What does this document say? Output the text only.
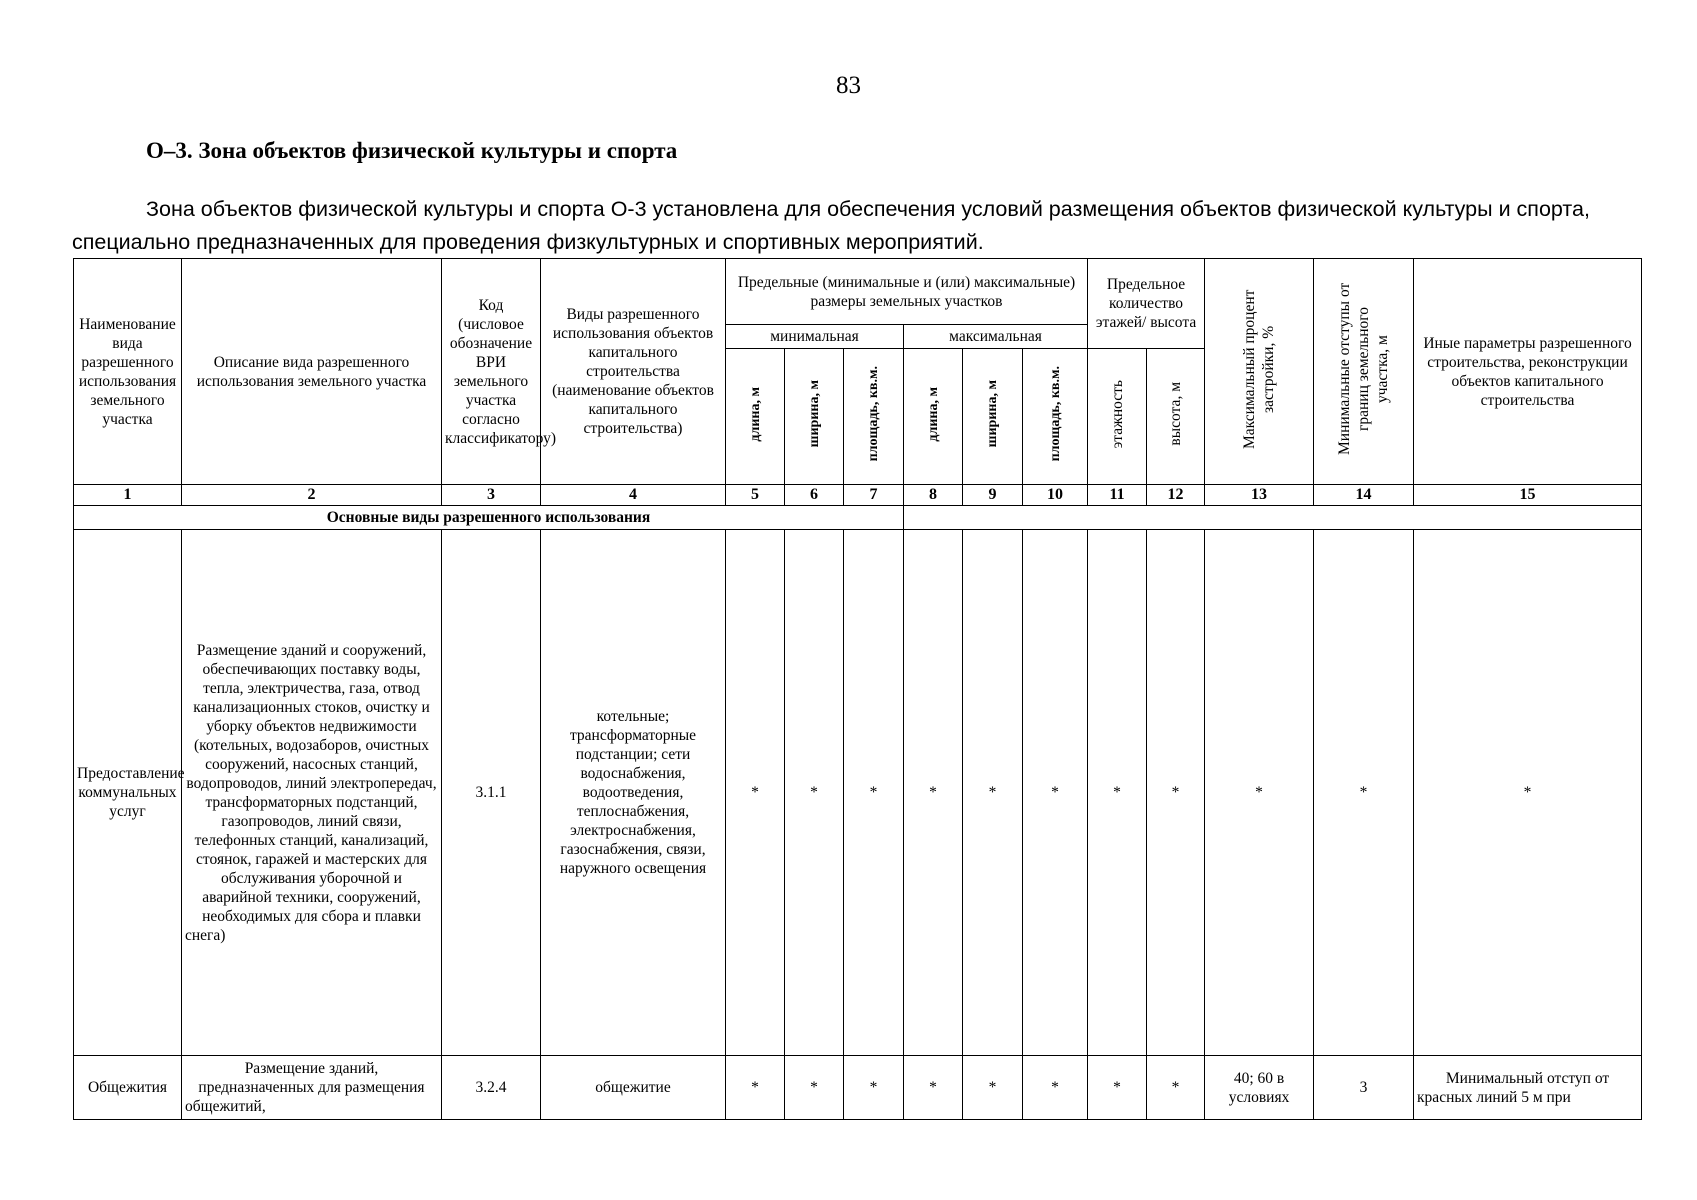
83
О–3. Зона объектов физической культуры и спорта
Зона объектов физической культуры и спорта О-3 установлена для обеспечения условий размещения объектов физической культуры и спорта, специально предназначенных для проведения физкультурных и спортивных мероприятий.
Наименование вида разрешенного использования земельного участка	Описание вида разрешенного использования земельного участка	Код (числовое обозначение ВРИ земельного участка согласно классификатору)	Виды разрешенного использования объектов капитального строительства (наименование объектов капитального строительства)	Предельные (минимальные и (или) максимальные) размеры земельных участков						Предельное количество этажей/ высота		Максимальный процент застройки, %	Минимальные отступы от границ земельного участка, м	Иные параметры разрешенного строительства, реконструкции объектов капитального строительства
				минимальная			максимальная							
				длина, м	ширина, м	площадь, кв.м.	длина, м	ширина, м	площадь, кв.м.	этажность	высота, м			
1	2	3	4	5	6	7	8	9	10	11	12	13	14	15
Основные виды разрешенного использования														
Предоставление коммунальных услуг	Размещение зданий и сооружений, обеспечивающих поставку воды, тепла, электричества, газа, отвод канализационных стоков, очистку и уборку объектов недвижимости (котельных, водозаборов, очистных сооружений, насосных станций, водопроводов, линий электропередач, трансформаторных подстанций, газопроводов, линий связи, телефонных станций, канализаций, стоянок, гаражей и мастерских для обслуживания уборочной и аварийной техники, сооружений, необходимых для сбора и плавки снега)	3.1.1	котельные; трансформаторные подстанции; сети водоснабжения, водоотведения, теплоснабжения, электроснабжения, газоснабжения, связи, наружного освещения	*	*	*	*	*	*	*	*	*	*	*
Общежития	Размещение зданий, предназначенных для размещения общежитий,	3.2.4	общежитие	*	*	*	*	*	*	*	*	40; 60 в условиях	3	Минимальный отступ от красных линий 5 м при
